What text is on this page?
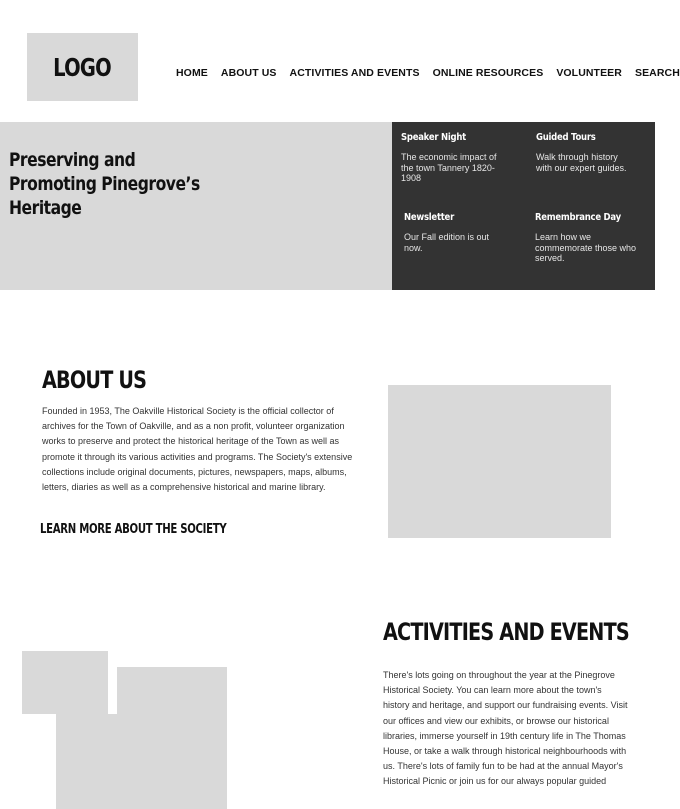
LOGO	HOME ABOUT US ACTIVITIES AND EVENTS ONLINE RESOURCES VOLUNTEER SEARCH
Preserving and Promoting Pinegrove’s Heritage
Speaker Night
The economic impact of the town Tannery 1820-1908
Guided Tours
Walk through history with our expert guides.
Newsletter
Our Fall edition is out now.
Remembrance Day
Learn how we commemorate those who served.
ABOUT US

Founded in 1953, The Oakville Historical Society is the official collector of archives for the Town of Oakville, and as a non profit, volunteer organization works to preserve and protect the historical heritage of the Town as well as promote it through its various activities and programs. The Society's extensive collections include original documents, pictures, newspapers, maps, albums, letters, diaries as well as a comprehensive historical and marine library.

LEARN MORE ABOUT THE SOCIETY
ACTIVITIES AND EVENTS

There's lots going on throughout the year at the Pinegrove Historical Society. You can learn more about the town's history and heritage, and support our fundraising events. Visit our offices and view our exhibits, or browse our historical libraries, immerse yourself in 19th century life in The Thomas House, or take a walk through historical neighbourhoods with us. There's lots of family fun to be had at the annual Mayor's Historical Picnic or join us for our always popular guided
